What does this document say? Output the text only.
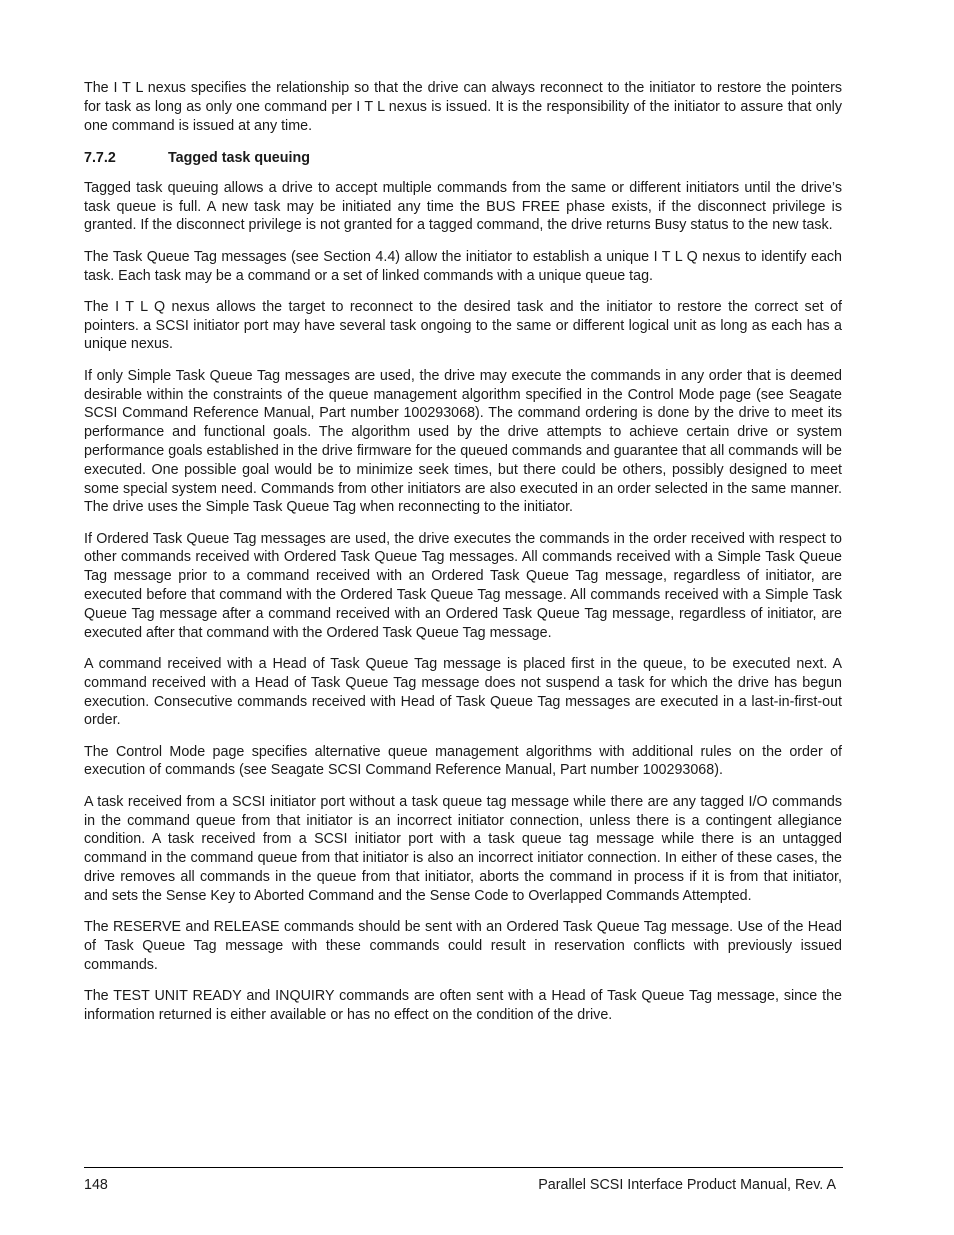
The I T L nexus specifies the relationship so that the drive can always reconnect to the initiator to restore the pointers for task as long as only one command per I T L nexus is issued. It is the responsibility of the initiator to assure that only one command is issued at any time.

7.7.2	Tagged task queuing

Tagged task queuing allows a drive to accept multiple commands from the same or different initiators until the drive’s task queue is full. A new task may be initiated any time the BUS FREE phase exists, if the disconnect privilege is granted. If the disconnect privilege is not granted for a tagged command, the drive returns Busy status to the new task.

The Task Queue Tag messages (see Section 4.4) allow the initiator to establish a unique I T L Q nexus to identify each task. Each task may be a command or a set of linked commands with a unique queue tag.

The I T L Q nexus allows the target to reconnect to the desired task and the initiator to restore the correct set of pointers. a SCSI initiator port may have several task ongoing to the same or different logical unit as long as each has a unique nexus.

If only Simple Task Queue Tag messages are used, the drive may execute the commands in any order that is deemed desirable within the constraints of the queue management algorithm specified in the Control Mode page (see Seagate SCSI Command Reference Manual, Part number 100293068). The command ordering is done by the drive to meet its performance and functional goals. The algorithm used by the drive attempts to achieve certain drive or system performance goals established in the drive firmware for the queued commands and guarantee that all commands will be executed. One possible goal would be to minimize seek times, but there could be others, possibly designed to meet some special system need. Commands from other initiators are also executed in an order selected in the same manner. The drive uses the Simple Task Queue Tag when reconnecting to the initiator.

If Ordered Task Queue Tag messages are used, the drive executes the commands in the order received with respect to other commands received with Ordered Task Queue Tag messages. All commands received with a Simple Task Queue Tag message prior to a command received with an Ordered Task Queue Tag message, regardless of initiator, are executed before that command with the Ordered Task Queue Tag message. All commands received with a Simple Task Queue Tag message after a command received with an Ordered Task Queue Tag message, regardless of initiator, are executed after that command with the Ordered Task Queue Tag message.

A command received with a Head of Task Queue Tag message is placed first in the queue, to be executed next. A command received with a Head of Task Queue Tag message does not suspend a task for which the drive has begun execution. Consecutive commands received with Head of Task Queue Tag messages are executed in a last-in-first-out order.

The Control Mode page specifies alternative queue management algorithms with additional rules on the order of execution of commands (see Seagate SCSI Command Reference Manual, Part number 100293068).

A task received from a SCSI initiator port without a task queue tag message while there are any tagged I/O commands in the command queue from that initiator is an incorrect initiator connection, unless there is a contingent allegiance condition. A task received from a SCSI initiator port with a task queue tag message while there is an untagged command in the command queue from that initiator is also an incorrect initiator connection. In either of these cases, the drive removes all commands in the queue from that initiator, aborts the command in process if it is from that initiator, and sets the Sense Key to Aborted Command and the Sense Code to Overlapped Commands Attempted.

The RESERVE and RELEASE commands should be sent with an Ordered Task Queue Tag message. Use of the Head of Task Queue Tag message with these commands could result in reservation conflicts with previously issued commands.

The TEST UNIT READY and INQUIRY commands are often sent with a Head of Task Queue Tag message, since the information returned is either available or has no effect on the condition of the drive.

148	Parallel SCSI Interface Product Manual, Rev. A
